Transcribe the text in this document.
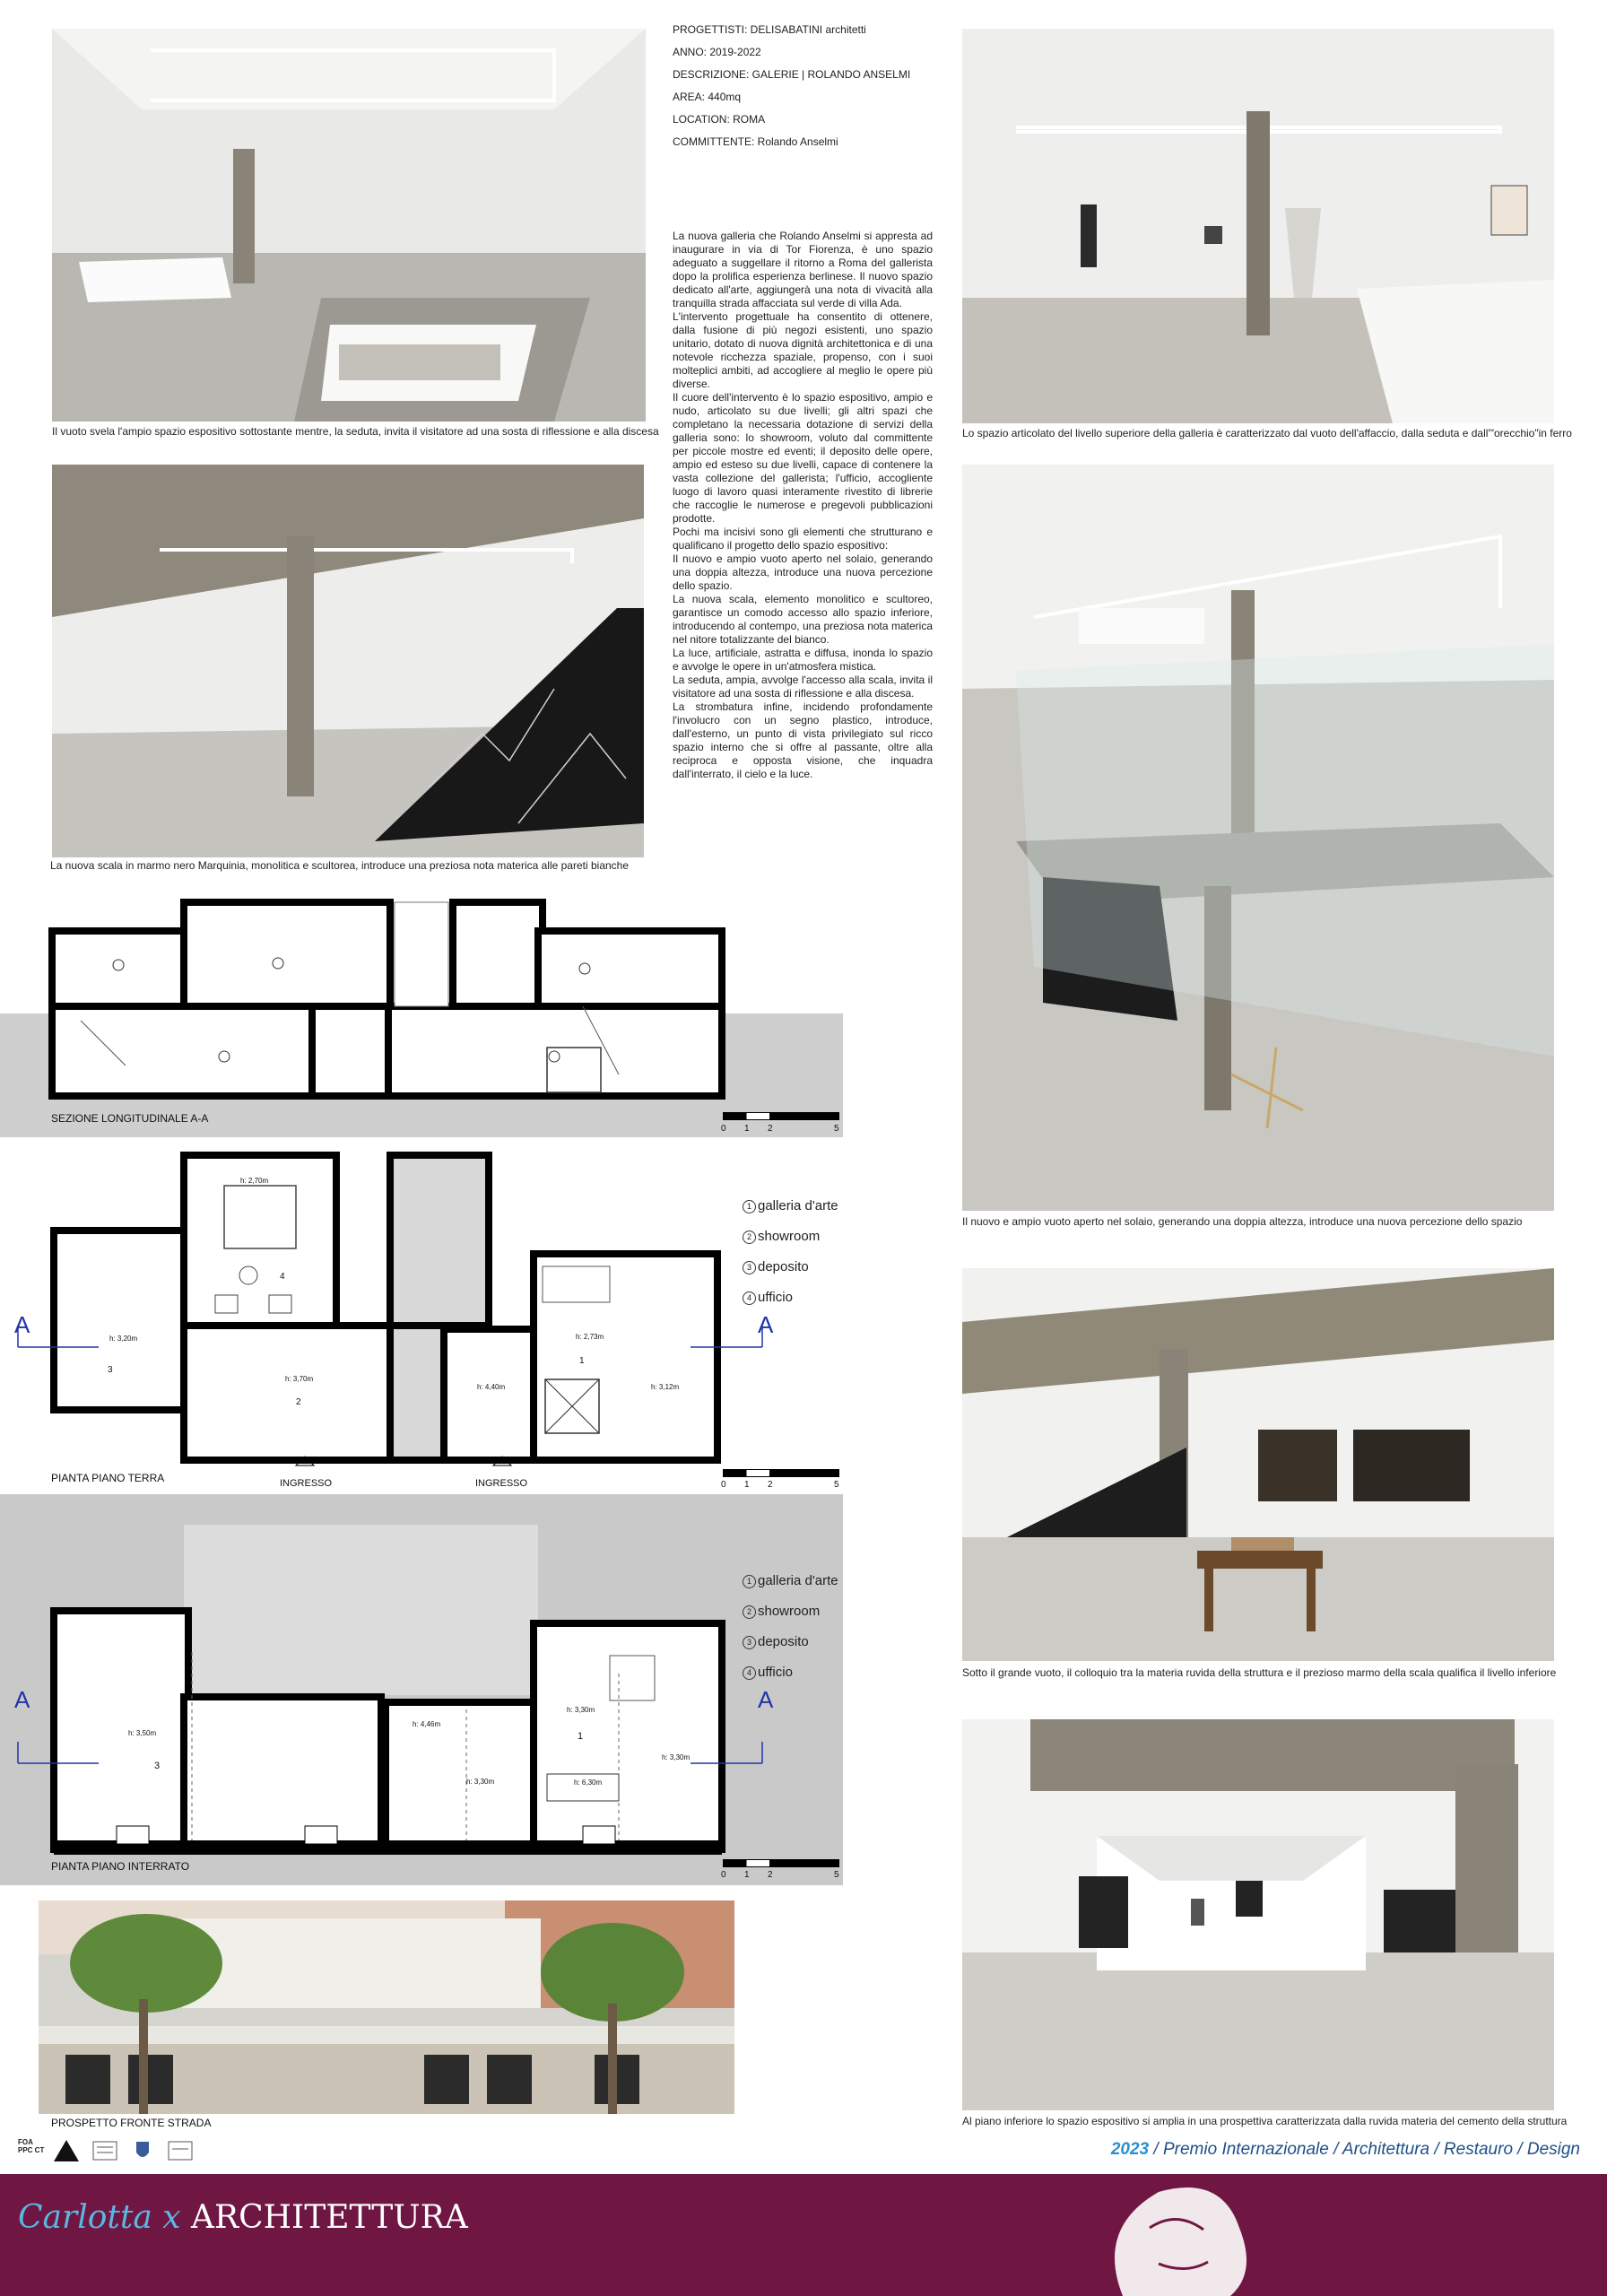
Il vuoto svela l'ampio spazio espositivo sottostante mentre, la seduta, invita il visitatore ad una sosta di riflessione e alla discesa	Lo spazio articolato del livello superiore della galleria è caratterizzato dal vuoto dell'affaccio, dalla seduta e dall'"orecchio"in ferro
PROGETTISTI: DELISABATINI architetti
ANNO: 2019-2022
DESCRIZIONE: GALERIE | ROLANDO ANSELMI
AREA: 440mq
LOCATION: ROMA
COMMITTENTE: Rolando Anselmi

La nuova galleria che Rolando Anselmi si appresta ad inaugurare in via di Tor Fiorenza, è uno spazio adeguato a suggellare il ritorno a Roma del gallerista dopo la prolifica esperienza berlinese. Il nuovo spazio dedicato all'arte, aggiungerà una nota di vivacità alla tranquilla strada affacciata sul verde di villa Ada.

L'intervento progettuale ha consentito di ottenere, dalla fusione di più negozi esistenti, uno spazio unitario, dotato di nuova dignità architettonica e di una notevole ricchezza spaziale, propenso, con i suoi molteplici ambiti, ad accogliere al meglio le opere più diverse.

Il cuore dell'intervento è lo spazio espositivo, ampio e nudo, articolato su due livelli; gli altri spazi che completano la necessaria dotazione di servizi della galleria sono: lo showroom, voluto dal committente per piccole mostre ed eventi; il deposito delle opere, ampio ed esteso su due livelli, capace di contenere la vasta collezione del gallerista; l'ufficio, accogliente luogo di lavoro quasi interamente rivestito di librerie che raccoglie le numerose e pregevoli pubblicazioni prodotte.

Pochi ma incisivi sono gli elementi che strutturano e qualificano il progetto dello spazio espositivo:

Il nuovo e ampio vuoto aperto nel solaio, generando una doppia altezza, introduce una nuova percezione dello spazio.

La nuova scala, elemento monolitico e scultoreo, garantisce un comodo accesso allo spazio inferiore, introducendo al contempo, una preziosa nota materica nel nitore totalizzante del bianco.

La luce, artificiale, astratta e diffusa, inonda lo spazio e avvolge le opere in un'atmosfera mistica.

La seduta, ampia, avvolge l'accesso alla scala, invita il visitatore ad una sosta di riflessione e alla discesa.

La strombatura infine, incidendo profondamente l'involucro con un segno plastico, introduce, dall'esterno, un punto di vista privilegiato sul ricco spazio interno che si offre al passante, oltre alla reciproca e opposta visione, che inquadra dall'interrato, il cielo e la luce.

La nuova scala in marmo nero Marquinia, monolitica e scultorea, introduce una preziosa nota materica alle pareti bianche
Il nuovo e ampio vuoto aperto nel solaio, generando una doppia altezza, introduce una nuova percezione dello spazio
SEZIONE LONGITUDINALE A-A
0 1 2	5
A	A
h: 2,70m
h: 3,20m
h: 3,70m
h: 2,73m
h: 4,40m	h: 3,12m
4
3
2
1
INGRESSO	INGRESSO
PIANTA PIANO TERRA
0 1 2	5
1 galleria d'arte
2 showroom
3 deposito
4 ufficio
A	A
h: 3,50m
h: 4,46m
h: 3,30m
h: 3,30m
h: 6,30m
h: 3,30m
3
1
PIANTA PIANO INTERRATO
0 1 2	5
1 galleria d'arte
2 showroom
3 deposito
4 ufficio	Sotto il grande vuoto, il colloquio tra la materia ruvida della struttura e il prezioso marmo della scala qualifica il livello inferiore
Al piano inferiore lo spazio espositivo si amplia in una prospettiva caratterizzata dalla ruvida materia del cemento della struttura
PROSPETTO FRONTE STRADA
FOA PPC CT	2023 / Premio Internazionale / Architettura / Restauro / Design
Carlotta x ARCHITETTURA
